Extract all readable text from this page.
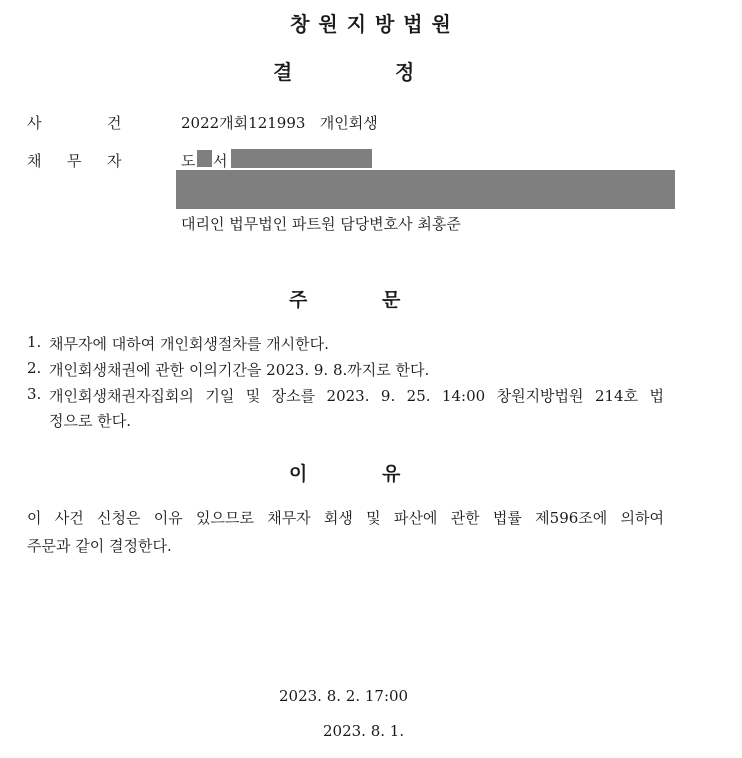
창 원 지 방 법 원
결	정
사	건	2022개회121993   개인회생
채 무 자	도 서
대리인 법무법인 파트원 담당변호사 최홍준
주	문
1. 채무자에 대하여 개인회생절차를 개시한다.
2. 개인회생채권에 관한 이의기간을 2023. 9. 8.까지로 한다.
3. 개인회생채권자집회의 기일 및 장소를 2023. 9. 25. 14:00 창원지방법원 214호 법
정으로 한다.
이	유
이 사건 신청은 이유 있으므로 채무자 회생 및 파산에 관한 법률 제596조에 의하여
주문과 같이 결정한다.
2023. 8. 2. 17:00
2023. 8. 1.
